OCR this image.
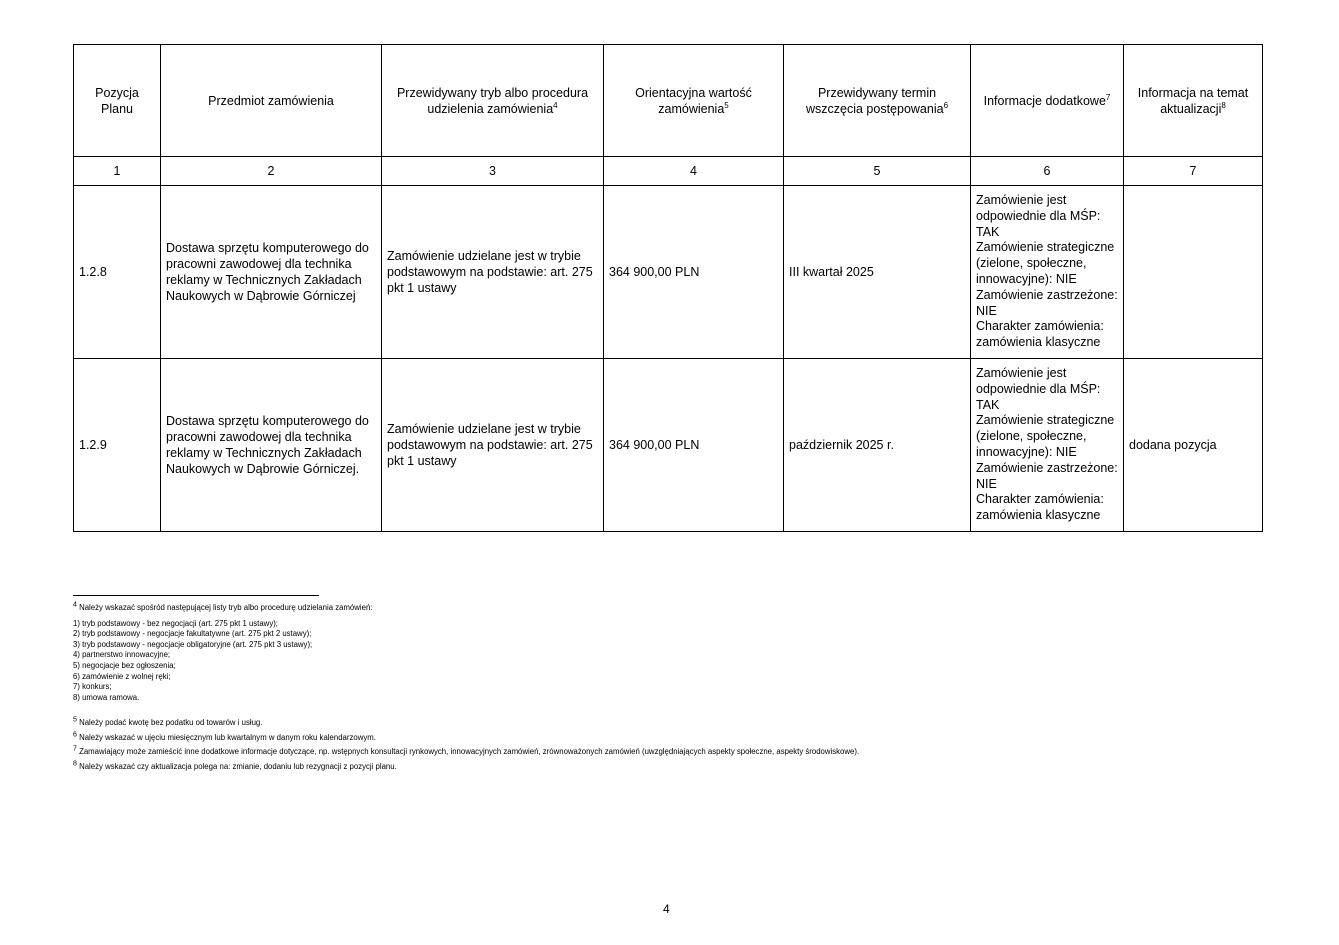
Pozycja Planu	Przedmiot zamówienia	Przewidywany tryb albo procedura udzielenia zamówienia$^4$	Orientacyjna wartość zamówienia$^5$	Przewidywany termin wszczęcia postępowania$^6$	Informacje dodatkowe$^7$	Informacja na temat aktualizacji$^8$
1	2	3	4	5	6	7
1.2.8	Dostawa sprzętu komputerowego do pracowni zawodowej dla technika reklamy w Technicznych Zakładach Naukowych w Dąbrowie Górniczej	Zamówienie udzielane jest w trybie podstawowym na podstawie: art. 275 pkt 1 ustawy	364 900,00 PLN	III kwartał 2025	Zamówienie jest odpowiednie dla MŚP: TAK
Zamówienie strategiczne (zielone, społeczne, innowacyjne): NIE
Zamówienie zastrzeżone: NIE
Charakter zamówienia: zamówienia klasyczne	

1.2.9	Dostawa sprzętu komputerowego do pracowni zawodowej dla technika reklamy w Technicznych Zakładach Naukowych w Dąbrowie Górniczej.	Zamówienie udzielane jest w trybie podstawowym na podstawie: art. 275 pkt 1 ustawy	364 900,00 PLN	październik 2025 r.	Zamówienie jest odpowiednie dla MŚP: TAK
Zamówienie strategiczne (zielone, społeczne, innowacyjne): NIE
Zamówienie zastrzeżone: NIE
Charakter zamówienia: zamówienia klasyczne	dodana pozycja
$^4$ Należy wskazać spośród następującej listy tryb albo procedurę udzielania zamówień:
1) tryb podstawowy - bez negocjacji (art. 275 pkt 1 ustawy);
2) tryb podstawowy - negocjacje fakultatywne (art. 275 pkt 2 ustawy);
3) tryb podstawowy - negocjacje obligatoryjne (art. 275 pkt 3 ustawy);
4) partnerstwo innowacyjne;
5) negocjacje bez ogłoszenia;
6) zamówienie z wolnej ręki;
7) konkurs;
8) umowa ramowa.
$^5$ Należy podać kwotę bez podatku od towarów i usług.
$^6$ Należy wskazać w ujęciu miesięcznym lub kwartalnym w danym roku kalendarzowym.
$^7$ Zamawiający może zamieścić inne dodatkowe informacje dotyczące, np. wstępnych konsultacji rynkowych, innowacyjnych zamówień, zrównoważonych zamówień (uwzględniających aspekty społeczne, aspekty środowiskowe).
$^8$ Należy wskazać czy aktualizacja polega na: zmianie, dodaniu lub rezygnacji z pozycji planu.
4
